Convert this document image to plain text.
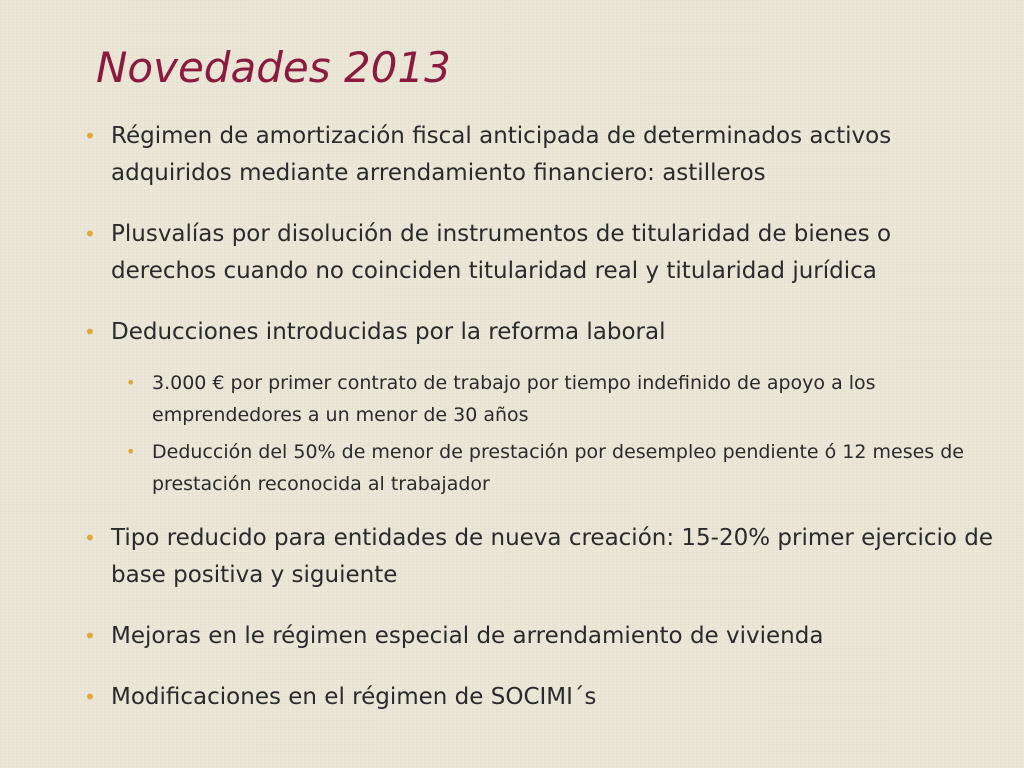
Novedades 2013
• Régimen de amortización fiscal anticipada de determinados activos adquiridos mediante arrendamiento financiero: astilleros
• Plusvalías por disolución de instrumentos de titularidad de bienes o derechos cuando no coinciden titularidad real y titularidad jurídica
• Deducciones introducidas por la reforma laboral
• 3.000 € por primer contrato de trabajo por tiempo indefinido de apoyo a los emprendedores a un menor de 30 años
• Deducción del 50% de menor de prestación por desempleo pendiente ó 12 meses de prestación reconocida al trabajador
• Tipo reducido para entidades de nueva creación: 15-20% primer ejercicio de base positiva y siguiente
• Mejoras en le régimen especial de arrendamiento de vivienda
• Modificaciones en el régimen de SOCIMI´s
